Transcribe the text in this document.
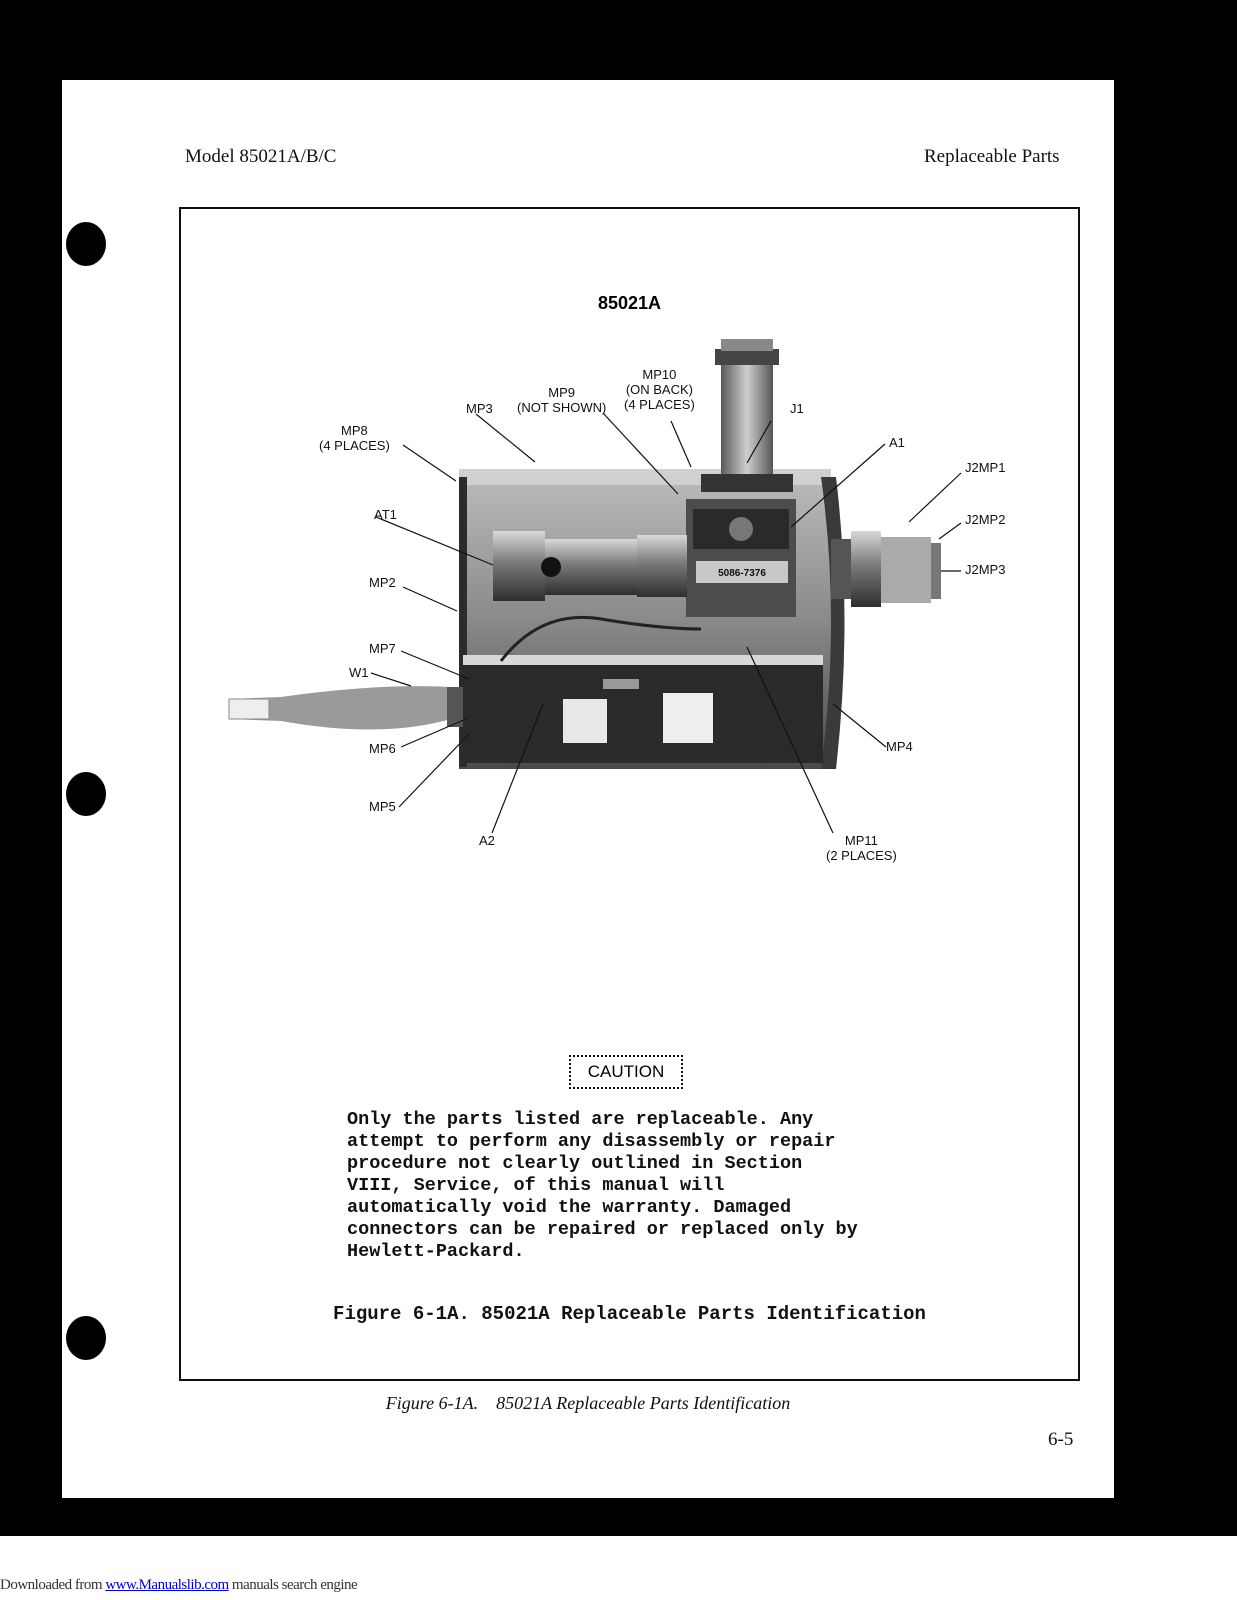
Downloaded from www.Manualslib.com manuals search engine
Model 85021A/B/C	Replaceable Parts
85021A
5086-7376
MP10
(ON BACK)
(4 PLACES)
MP9
(NOT SHOWN)
MP3	J1
MP8
(4 PLACES)	A1
J2MP1
AT1	J2MP2
J2MP3
MP2
MP7
W1
MP6	MP4
MP5
A2	MP11
(2 PLACES)
CAUTION
Only the parts listed are replaceable. Any
attempt to perform any disassembly or repair
procedure not clearly outlined in Section
VIII, Service, of this manual will
automatically void the warranty. Damaged
connectors can be repaired or replaced only by
Hewlett-Packard.
Figure 6-1A. 85021A Replaceable Parts Identification
Figure 6-1A.    85021A Replaceable Parts Identification
6-5
